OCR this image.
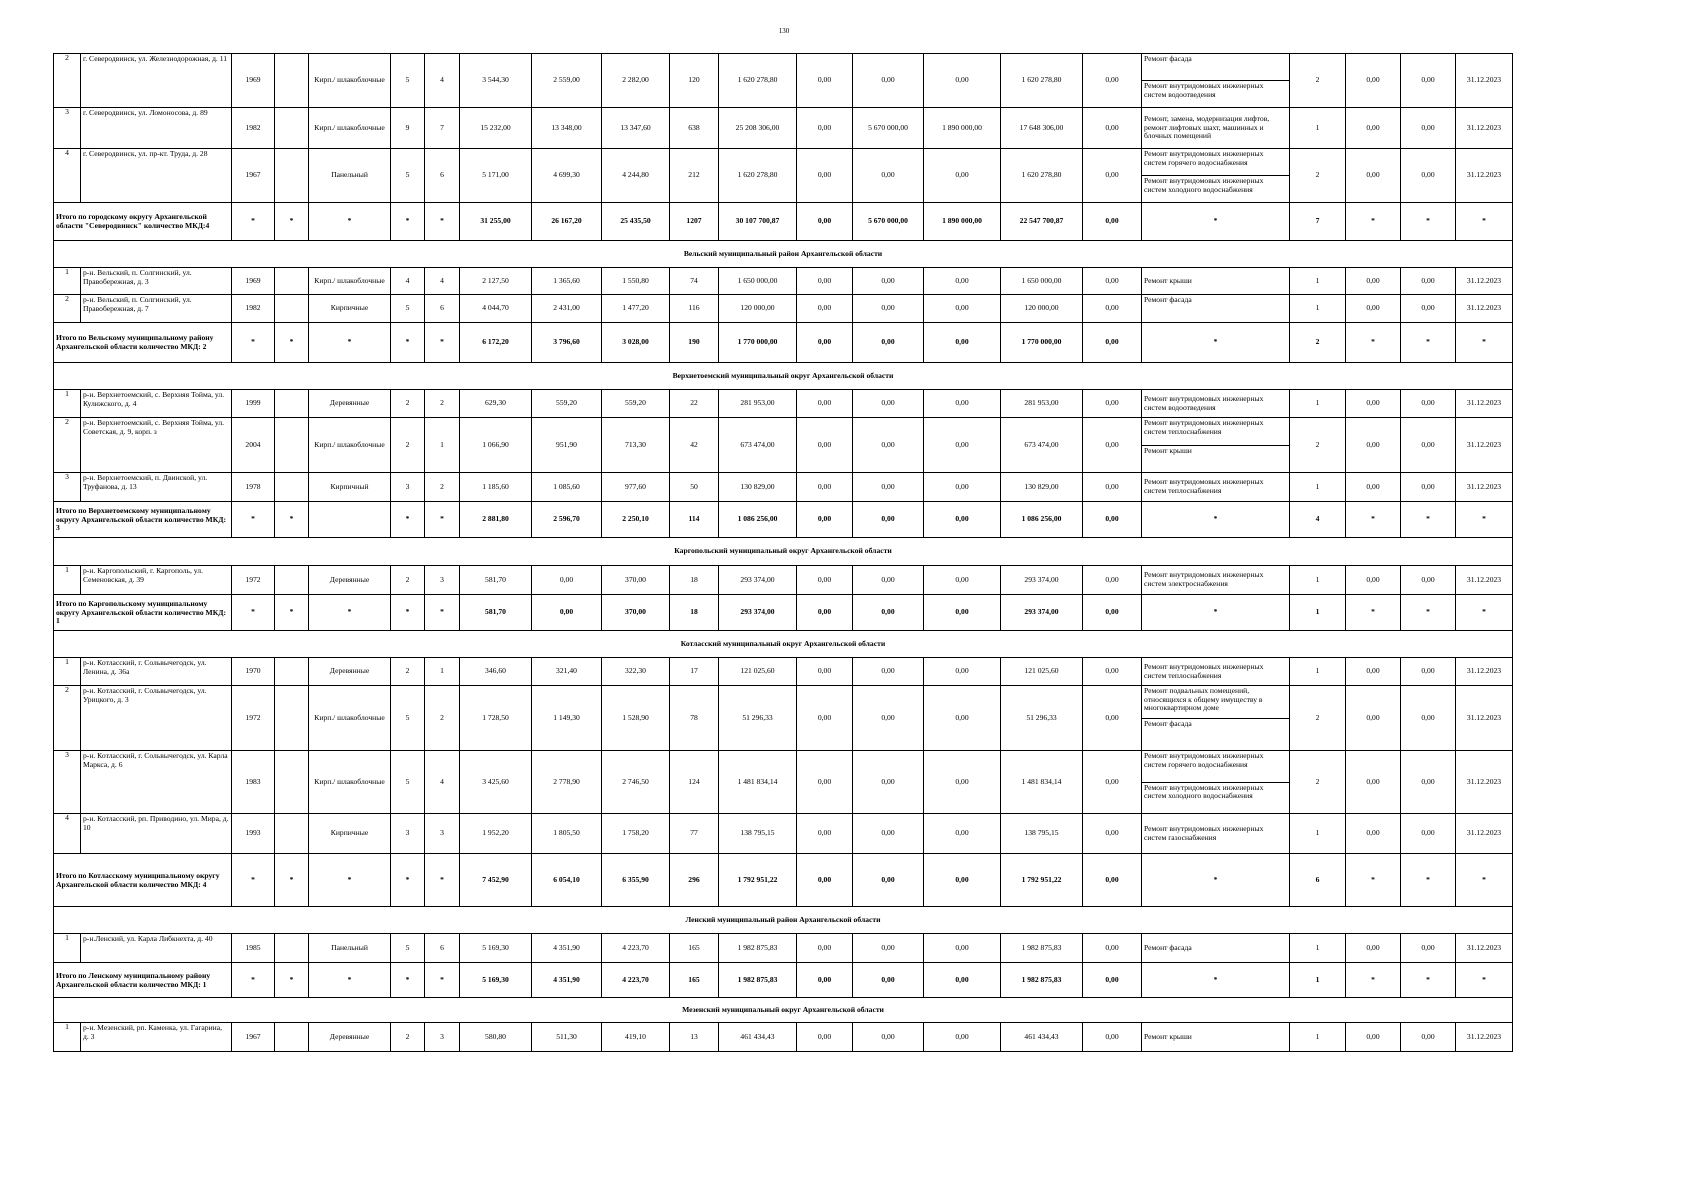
130
2	г. Северодвинск, ул. Железнодорожная, д. 11	1969		Кирп./ шлакоблочные	5	4	3 544,30	2 559,00	2 282,00	120	1 620 278,80	0,00	0,00	0,00	1 620 278,80	0,00	Ремонт фасада
Ремонт внутридомовых инженерных систем водоотведения	2	0,00	0,00	31.12.2023
3	г. Северодвинск, ул. Ломоносова, д. 89	1982		Кирп./ шлакоблочные	9	7	15 232,00	13 348,00	13 347,60	638	25 208 306,00	0,00	5 670 000,00	1 890 000,00	17 648 306,00	0,00	Ремонт, замена, модернизация лифтов, ремонт лифтовых шахт, машинных и блочных помещений	1	0,00	0,00	31.12.2023
4	г. Северодвинск, ул. пр-кт. Труда, д. 28	1967		Панельный	5	6	5 171,00	4 699,30	4 244,80	212	1 620 278,80	0,00	0,00	0,00	1 620 278,80	0,00	Ремонт внутридомовых инженерных систем горячего водоснабжения
Ремонт внутридомовых инженерных систем холодного водоснабжения	2	0,00	0,00	31.12.2023
Итого по городскому округу Архангельской области "Северодвинск" количество МКД:4		*	*	*	*	*	31 255,00	26 167,20	25 435,50	1207	30 107 700,87	0,00	5 670 000,00	1 890 000,00	22 547 700,87	0,00	*	7	*	*	*
Вельский муниципальный район Архангельской области																					
1	р-н. Вельский, п. Солгинский, ул. Правобережная, д. 3	1969		Кирп./ шлакоблочные	4	4	2 127,50	1 365,60	1 550,80	74	1 650 000,00	0,00	0,00	0,00	1 650 000,00	0,00	Ремонт крыши	1	0,00	0,00	31.12.2023
2	р-н. Вельский, п. Солгинский, ул. Правобережная, д. 7	1982		Кирпичные	5	6	4 044,70	2 431,00	1 477,20	116	120 000,00	0,00	0,00	0,00	120 000,00	0,00	Ремонт фасада	1	0,00	0,00	31.12.2023
Итого по Вельскому муниципальному району Архангельской области количество МКД: 2		*	*	*	*	*	6 172,20	3 796,60	3 028,00	190	1 770 000,00	0,00	0,00	0,00	1 770 000,00	0,00	*	2	*	*	*
Верхнетоемский муниципальный округ Архангельской области																					
1	р-н. Верхнетоемский, с. Верхняя Тойма, ул. Кулижского, д. 4	1999		Деревянные	2	2	629,30	559,20	559,20	22	281 953,00	0,00	0,00	0,00	281 953,00	0,00	Ремонт внутридомовых инженерных систем водоотведения	1	0,00	0,00	31.12.2023
2	р-н. Верхнетоемский, с. Верхняя Тойма, ул. Советская, д. 9, корп. з	2004		Кирп./ шлакоблочные	2	1	1 066,90	951,90	713,30	42	673 474,00	0,00	0,00	0,00	673 474,00	0,00	Ремонт внутридомовых инженерных систем теплоснабжения
Ремонт крыши	2	0,00	0,00	31.12.2023
3	р-н. Верхнетоемский, п. Двинской, ул. Труфанова, д. 13	1978		Кирпичный	3	2	1 185,60	1 085,60	977,60	50	130 829,00	0,00	0,00	0,00	130 829,00	0,00	Ремонт внутридомовых инженерных систем теплоснабжения	1	0,00	0,00	31.12.2023
Итого по Верхнетоемскому муниципальному округу Архангельской области количество МКД: 3		*	*		*	*	2 881,80	2 596,70	2 250,10	114	1 086 256,00	0,00	0,00	0,00	1 086 256,00	0,00	*	4	*	*	*
Каргопольский муниципальный округ Архангельской области																					
1	р-н. Каргопольский, г. Каргополь, ул. Семеновская, д. 39	1972		Деревянные	2	3	581,70	0,00	370,00	18	293 374,00	0,00	0,00	0,00	293 374,00	0,00	Ремонт внутридомовых инженерных систем электроснабжения	1	0,00	0,00	31.12.2023
Итого по Каргопольскому муниципальному округу Архангельской области количество МКД: 1		*	*	*	*	*	581,70	0,00	370,00	18	293 374,00	0,00	0,00	0,00	293 374,00	0,00	*	1	*	*	*
Котласский муниципальный округ Архангельской области																					
1	р-н. Котласский, г. Сольвычегодск, ул. Ленина, д. 36а	1970		Деревянные	2	1	346,60	321,40	322,30	17	121 025,60	0,00	0,00	0,00	121 025,60	0,00	Ремонт внутридомовых инженерных систем теплоснабжения	1	0,00	0,00	31.12.2023
2	р-н. Котласский, г. Сольвычегодск, ул. Урицкого, д. 3	1972		Кирп./ шлакоблочные	5	2	1 728,50	1 149,30	1 528,90	78	51 296,33	0,00	0,00	0,00	51 296,33	0,00	Ремонт подвальных помещений, относящихся к общему имуществу в многоквартирном доме
Ремонт фасада	2	0,00	0,00	31.12.2023
3	р-н. Котласский, г. Сольвычегодск, ул. Карла Маркса, д. 6	1983		Кирп./ шлакоблочные	5	4	3 425,60	2 778,90	2 746,50	124	1 481 834,14	0,00	0,00	0,00	1 481 834,14	0,00	Ремонт внутридомовых инженерных систем горячего водоснабжения
Ремонт внутридомовых инженерных систем холодного водоснабжения	2	0,00	0,00	31.12.2023
4	р-н. Котласский, рп. Приводино, ул. Мира, д. 10	1993		Кирпичные	3	3	1 952,20	1 805,50	1 758,20	77	138 795,15	0,00	0,00	0,00	138 795,15	0,00	Ремонт внутридомовых инженерных систем газоснабжения	1	0,00	0,00	31.12.2023
Итого по Котласскому муниципальному округу Архангельской области количество МКД: 4		*	*	*	*	*	7 452,90	6 054,10	6 355,90	296	1 792 951,22	0,00	0,00	0,00	1 792 951,22	0,00	*	6	*	*	*
Ленский муниципальный район Архангельской области																					
1	р-н.Ленский, ул. Карла Либкнехта, д. 40	1985		Панельный	5	6	5 169,30	4 351,90	4 223,70	165	1 982 875,83	0,00	0,00	0,00	1 982 875,83	0,00	Ремонт фасада	1	0,00	0,00	31.12.2023
Итого по Ленскому муниципальному району Архангельской области количество МКД: 1		*	*	*	*	*	5 169,30	4 351,90	4 223,70	165	1 982 875,83	0,00	0,00	0,00	1 982 875,83	0,00	*	1	*	*	*
Мезенский муниципальный округ Архангельской области																					
1	р-н. Мезенский, рп. Каменка, ул. Гагарина, д. 3	1967		Деревянные	2	3	580,80	511,30	419,10	13	461 434,43	0,00	0,00	0,00	461 434,43	0,00	Ремонт крыши	1	0,00	0,00	31.12.2023
